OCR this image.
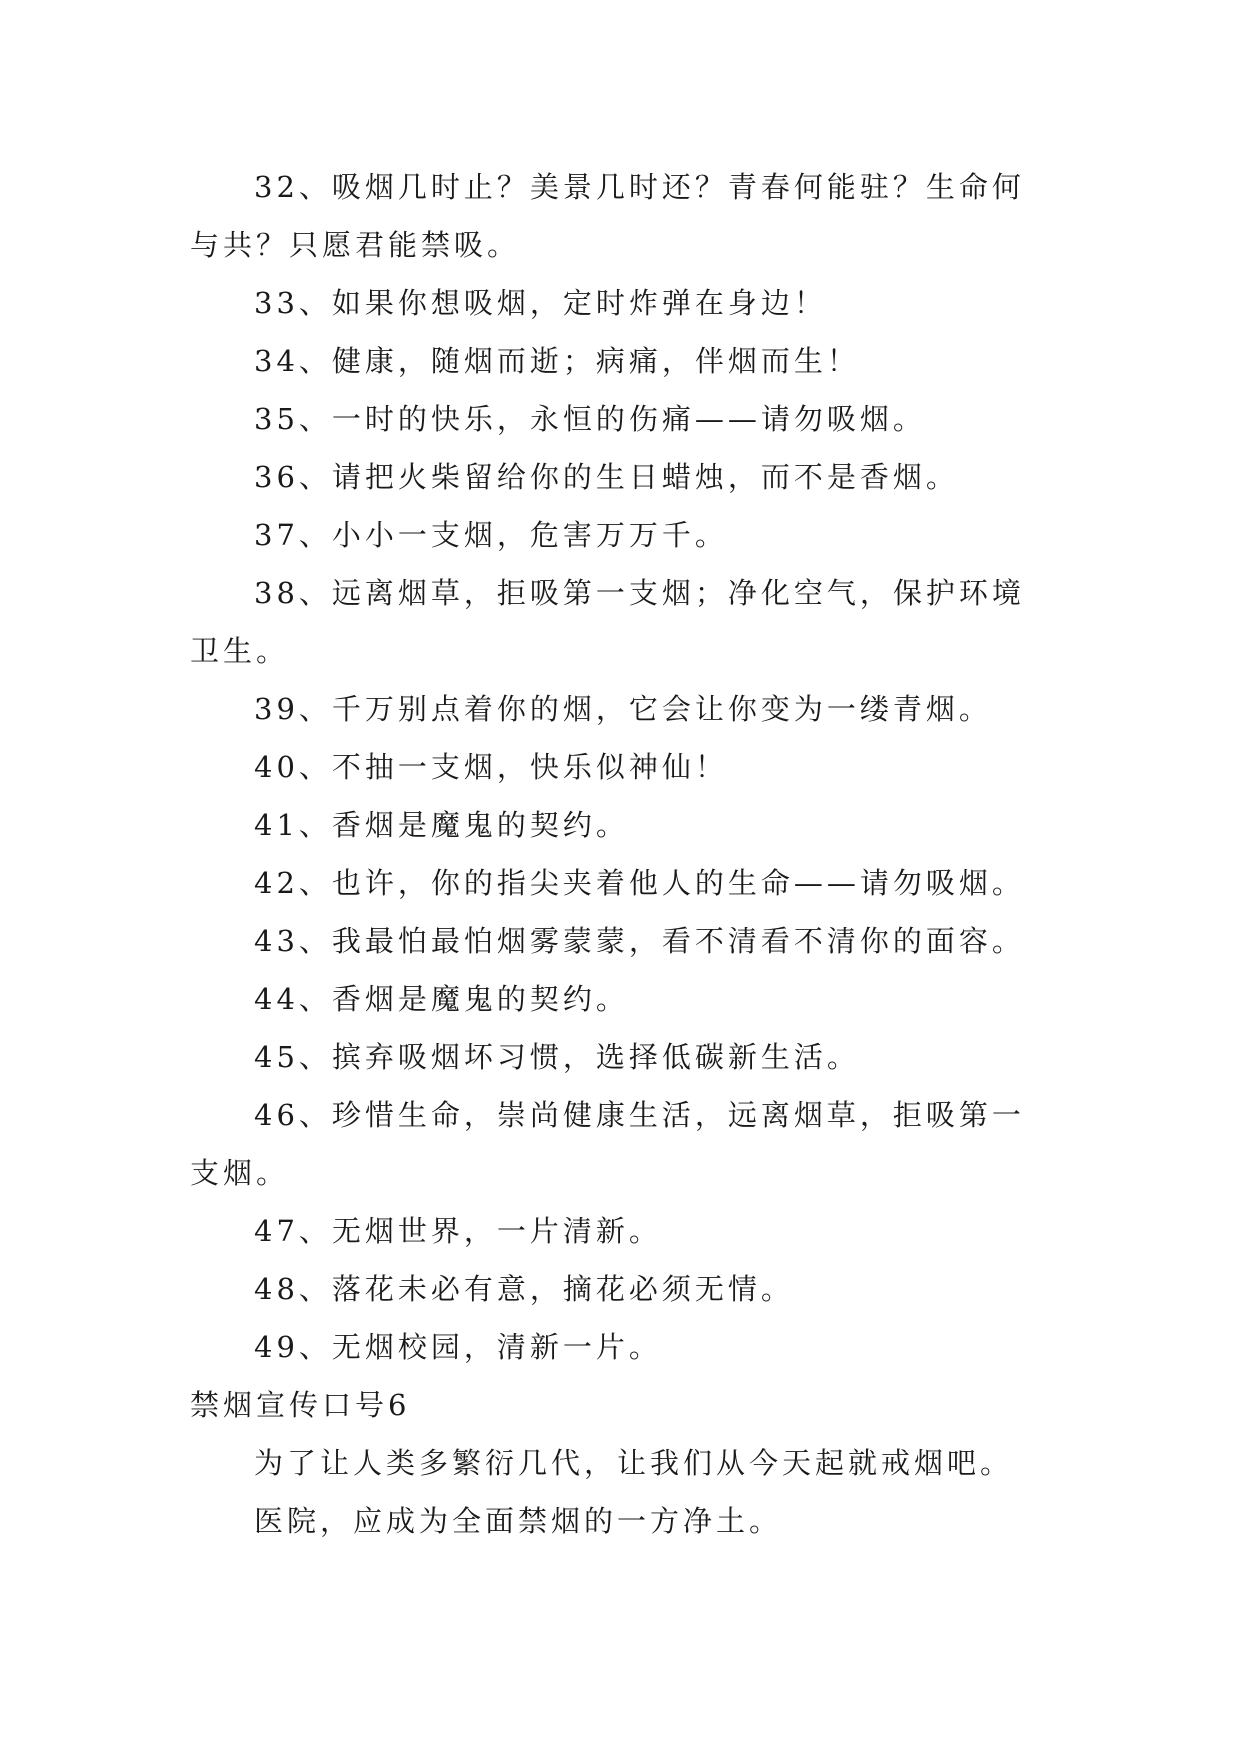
32、吸烟几时止？美景几时还？青春何能驻？生命何与共？只愿君能禁吸。

33、如果你想吸烟，定时炸弹在身边！

34、健康，随烟而逝；病痛，伴烟而生！

35、一时的快乐，永恒的伤痛——请勿吸烟。

36、请把火柴留给你的生日蜡烛，而不是香烟。

37、小小一支烟，危害万万千。

38、远离烟草，拒吸第一支烟；净化空气，保护环境卫生。

39、千万别点着你的烟，它会让你变为一缕青烟。

40、不抽一支烟，快乐似神仙！

41、香烟是魔鬼的契约。

42、也许，你的指尖夹着他人的生命——请勿吸烟。

43、我最怕最怕烟雾蒙蒙，看不清看不清你的面容。

44、香烟是魔鬼的契约。

45、摈弃吸烟坏习惯，选择低碳新生活。

46、珍惜生命，崇尚健康生活，远离烟草，拒吸第一支烟。

47、无烟世界，一片清新。

48、落花未必有意，摘花必须无情。

49、无烟校园，清新一片。

禁烟宣传口号6

为了让人类多繁衍几代，让我们从今天起就戒烟吧。

医院，应成为全面禁烟的一方净土。
